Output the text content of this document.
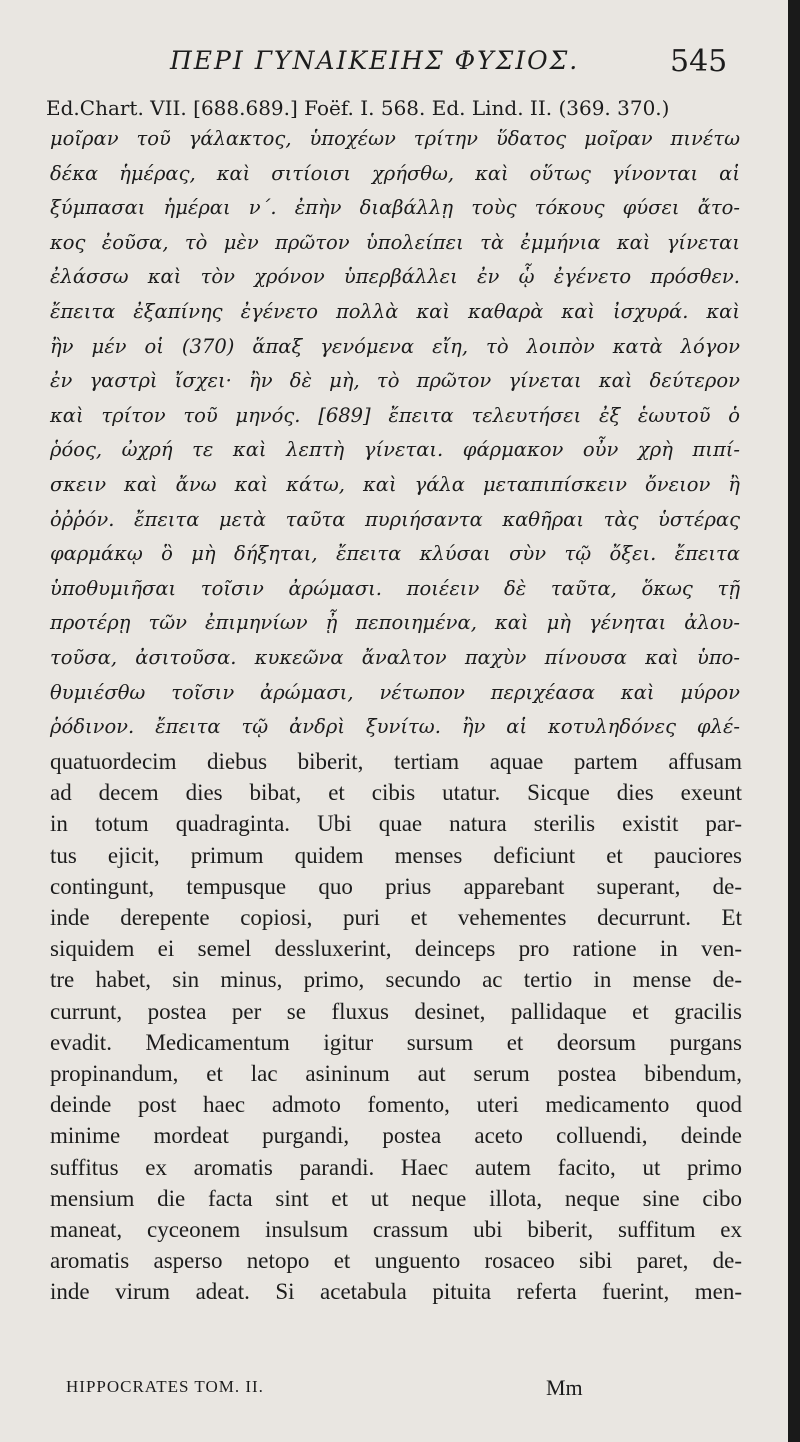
ΠΕΡΙ ΓΥΝΑΙΚΕΙΗΣ ΦΥΣΙΟΣ.	545
Ed.Chart. VII. [688.689.] Foëf. I. 568. Ed. Lind. II. (369. 370.)
μοῖραν τοῦ γάλακτος, ὑποχέων τρίτην ὕδατος μοῖραν πινέτω
δέκα ἡμέρας, καὶ σιτίοισι χρήσθω, καὶ οὕτως γίνονται αἱ
ξύμπασαι ἡμέραι ν΄. ἐπὴν διαβάλλῃ τοὺς τόκους φύσει ἄτο-
κος ἐοῦσα, τὸ μὲν πρῶτον ὑπολείπει τὰ ἐμμήνια καὶ γίνεται
ἐλάσσω καὶ τὸν χρόνον ὑπερβάλλει ἐν ᾧ ἐγένετο πρόσθεν.
ἔπειτα ἐξαπίνης ἐγένετο πολλὰ καὶ καθαρὰ καὶ ἰσχυρά. καὶ
ἢν μέν οἱ (370) ἅπαξ γενόμενα εἴη, τὸ λοιπὸν κατὰ λόγον
ἐν γαστρὶ ἴσχει· ἢν δὲ μὴ, τὸ πρῶτον γίνεται καὶ δεύτερον
καὶ τρίτον τοῦ μηνός. [689] ἔπειτα τελευτήσει ἐξ ἑωυτοῦ ὁ
ῥόος, ὠχρή τε καὶ λεπτὴ γίνεται. φάρμακον οὖν χρὴ πιπί-
σκειν καὶ ἄνω καὶ κάτω, καὶ γάλα μεταπιπίσκειν ὄνειον ἢ
ὀῤῥόν. ἔπειτα μετὰ ταῦτα πυριήσαντα καθῆραι τὰς ὑστέρας
φαρμάκῳ ὃ μὴ δήξηται, ἔπειτα κλύσαι σὺν τῷ ὄξει. ἔπειτα
ὑποθυμιῆσαι τοῖσιν ἀρώμασι. ποιέειν δὲ ταῦτα, ὅκως τῇ
προτέρῃ τῶν ἐπιμηνίων ᾖ πεποιημένα, καὶ μὴ γένηται ἀλου-
τοῦσα, ἀσιτοῦσα. κυκεῶνα ἄναλτον παχὺν πίνουσα καὶ ὑπο-
θυμιέσθω τοῖσιν ἀρώμασι, νέτωπον περιχέασα καὶ μύρον
ῥόδινον. ἔπειτα τῷ ἀνδρὶ ξυνίτω. ἢν αἱ κοτυληδόνες φλέ-
quatuordecim diebus biberit, tertiam aquae partem affusam
ad decem dies bibat, et cibis utatur. Sicque dies exeunt
in totum quadraginta. Ubi quae natura sterilis existit par-
tus ejicit, primum quidem menses deficiunt et pauciores
contingunt, tempusque quo prius apparebant superant, de-
inde derepente copiosi, puri et vehementes decurrunt. Et
siquidem ei semel dessluxerint, deinceps pro ratione in ven-
tre habet, sin minus, primo, secundo ac tertio in mense de-
currunt, postea per se fluxus desinet, pallidaque et gracilis
evadit. Medicamentum igitur sursum et deorsum purgans
propinandum, et lac asininum aut serum postea bibendum,
deinde post haec admoto fomento, uteri medicamento quod
minime mordeat purgandi, postea aceto colluendi, deinde
suffitus ex aromatis parandi. Haec autem facito, ut primo
mensium die facta sint et ut neque illota, neque sine cibo
maneat, cyceonem insulsum crassum ubi biberit, suffitum ex
aromatis asperso netopo et unguento rosaceo sibi paret, de-
inde virum adeat. Si acetabula pituita referta fuerint, men-
HIPPOCRATES TOM. II.	Mm
